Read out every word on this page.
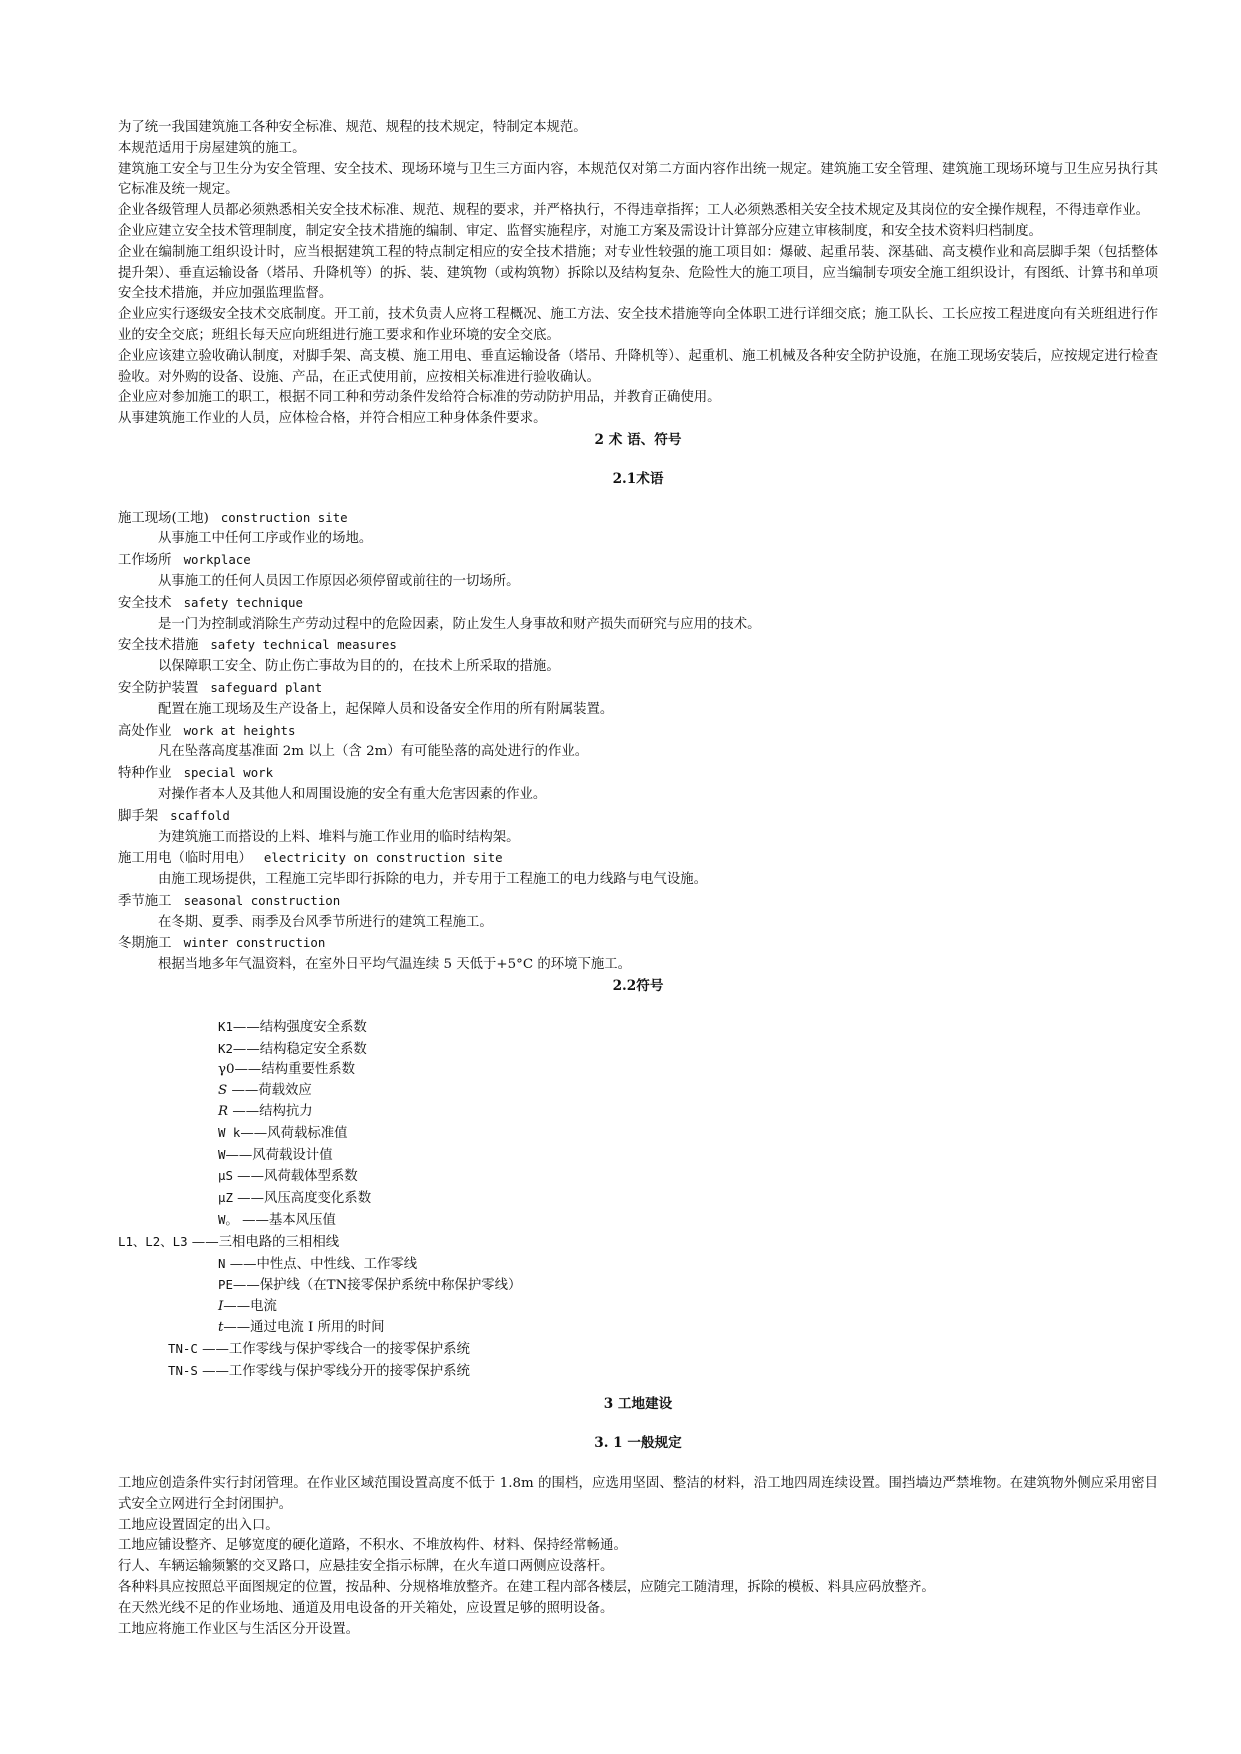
为了统一我国建筑施工各种安全标准、规范、规程的技术规定，特制定本规范。

本规范适用于房屋建筑的施工。

建筑施工安全与卫生分为安全管理、安全技术、现场环境与卫生三方面内容，本规范仅对第二方面内容作出统一规定。建筑施工安全管理、建筑施工现场环境与卫生应另执行其它标准及统一规定。

企业各级管理人员都必须熟悉相关安全技术标准、规范、规程的要求，并严格执行，不得违章指挥；工人必须熟悉相关安全技术规定及其岗位的安全操作规程，不得违章作业。

企业应建立安全技术管理制度，制定安全技术措施的编制、审定、监督实施程序，对施工方案及需设计计算部分应建立审核制度，和安全技术资料归档制度。

企业在编制施工组织设计时，应当根据建筑工程的特点制定相应的安全技术措施；对专业性较强的施工项目如：爆破、起重吊装、深基础、高支模作业和高层脚手架（包括整体提升架）、垂直运输设备（塔吊、升降机等）的拆、装、建筑物（或构筑物）拆除以及结构复杂、危险性大的施工项目，应当编制专项安全施工组织设计，有图纸、计算书和单项安全技术措施，并应加强监理监督。

企业应实行逐级安全技术交底制度。开工前，技术负责人应将工程概况、施工方法、安全技术措施等向全体职工进行详细交底；施工队长、工长应按工程进度向有关班组进行作业的安全交底；班组长每天应向班组进行施工要求和作业环境的安全交底。

企业应该建立验收确认制度，对脚手架、高支模、施工用电、垂直运输设备（塔吊、升降机等）、起重机、施工机械及各种安全防护设施，在施工现场安装后，应按规定进行检查验收。对外购的设备、设施、产品，在正式使用前，应按相关标准进行验收确认。

企业应对参加施工的职工，根据不同工种和劳动条件发给符合标准的劳动防护用品，并教育正确使用。

从事建筑施工作业的人员，应体检合格，并符合相应工种身体条件要求。

2 术 语、符号

2.1术语

施工现场(工地) construction site

从事施工中任何工序或作业的场地。

工作场所 workplace

从事施工的任何人员因工作原因必须停留或前往的一切场所。

安全技术 safety technique

是一门为控制或消除生产劳动过程中的危险因素，防止发生人身事故和财产损失而研究与应用的技术。

安全技术措施 safety technical measures

以保障职工安全、防止伤亡事故为目的的，在技术上所采取的措施。

安全防护装置 safeguard plant

配置在施工现场及生产设备上，起保障人员和设备安全作用的所有附属装置。

高处作业 work at heights

凡在坠落高度基准面 2m 以上（含 2m）有可能坠落的高处进行的作业。

特种作业 special work

对操作者本人及其他人和周围设施的安全有重大危害因素的作业。

脚手架 scaffold

为建筑施工而搭设的上料、堆料与施工作业用的临时结构架。

施工用电（临时用电） electricity on construction site

由施工现场提供，工程施工完毕即行拆除的电力，并专用于工程施工的电力线路与电气设施。

季节施工 seasonal construction

在冬期、夏季、雨季及台风季节所进行的建筑工程施工。

冬期施工 winter construction

根据当地多年气温资料，在室外日平均气温连续 5 天低于+5°C 的环境下施工。

2.2符号

K1——结构强度安全系数

K2——结构稳定安全系数

γ0——结构重要性系数

S ——荷载效应

R ——结构抗力

W k——风荷载标准值

W——风荷载设计值

μS ——风荷载体型系数

μZ ——风压高度变化系数

W。 ——基本风压值

L1、L2、L3 ——三相电路的三相相线

N ——中性点、中性线、工作零线

PE——保护线（在TN接零保护系统中称保护零线）

I——电流

t——通过电流 I 所用的时间

TN-C ——工作零线与保护零线合一的接零保护系统

TN-S ——工作零线与保护零线分开的接零保护系统

3 工地建设

3. 1 一般规定

工地应创造条件实行封闭管理。在作业区域范围设置高度不低于 1.8m 的围档，应选用坚固、整洁的材料，沿工地四周连续设置。围挡墙边严禁堆物。在建筑物外侧应采用密目式安全立网进行全封闭围护。

工地应设置固定的出入口。

工地应铺设整齐、足够宽度的硬化道路，不积水、不堆放构件、材料、保持经常畅通。

行人、车辆运输频繁的交叉路口，应悬挂安全指示标牌，在火车道口两侧应设落杆。

各种料具应按照总平面图规定的位置，按品种、分规格堆放整齐。在建工程内部各楼层，应随完工随清理，拆除的模板、料具应码放整齐。

在天然光线不足的作业场地、通道及用电设备的开关箱处，应设置足够的照明设备。

工地应将施工作业区与生活区分开设置。
